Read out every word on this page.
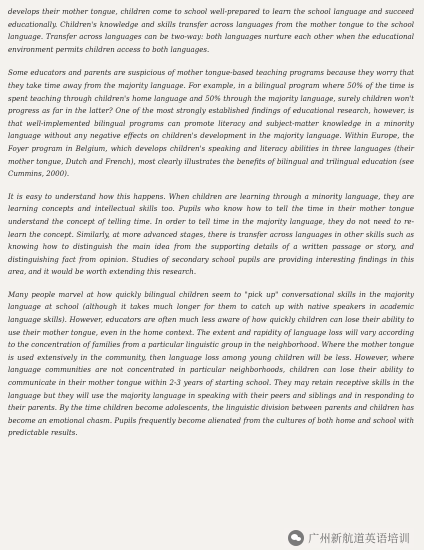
develops their mother tongue, children come to school well-prepared to learn the school language and succeed educationally. Children's knowledge and skills transfer across languages from the mother tongue to the school language. Transfer across languages can be two-way: both languages nurture each other when the educational environment permits children access to both languages.

Some educators and parents are suspicious of mother tongue-based teaching programs because they worry that they take time away from the majority language. For example, in a bilingual program where 50% of the time is spent teaching through children's home language and 50% through the majority language, surely children won't progress as far in the latter? One of the most strongly established findings of educational research, however, is that well-implemented bilingual programs can promote literacy and subject-matter knowledge in a minority language without any negative effects on children's development in the majority language. Within Europe, the Foyer program in Belgium, which develops children's speaking and literacy abilities in three languages (their mother tongue, Dutch and French), most clearly illustrates the benefits of bilingual and trilingual education (see Cummins, 2000).

It is easy to understand how this happens. When children are learning through a minority language, they are learning concepts and intellectual skills too. Pupils who know how to tell the time in their mother tongue understand the concept of telling time. In order to tell time in the majority language, they do not need to re-learn the concept. Similarly, at more advanced stages, there is transfer across languages in other skills such as knowing how to distinguish the main idea from the supporting details of a written passage or story, and distinguishing fact from opinion. Studies of secondary school pupils are providing interesting findings in this area, and it would be worth extending this research.

Many people marvel at how quickly bilingual children seem to "pick up" conversational skills in the majority language at school (although it takes much longer for them to catch up with native speakers in academic language skills). However, educators are often much less aware of how quickly children can lose their ability to use their mother tongue, even in the home context. The extent and rapidity of language loss will vary according to the concentration of families from a particular linguistic group in the neighborhood. Where the mother tongue is used extensively in the community, then language loss among young children will be less. However, where language communities are not concentrated in particular neighborhoods, children can lose their ability to communicate in their mother tongue within 2-3 years of starting school. They may retain receptive skills in the language but they will use the majority language in speaking with their peers and siblings and in responding to their parents. By the time children become adolescents, the linguistic division between parents and children has become an emotional chasm. Pupils frequently become alienated from the cultures of both home and school with predictable results.

广州新航道英语培训
